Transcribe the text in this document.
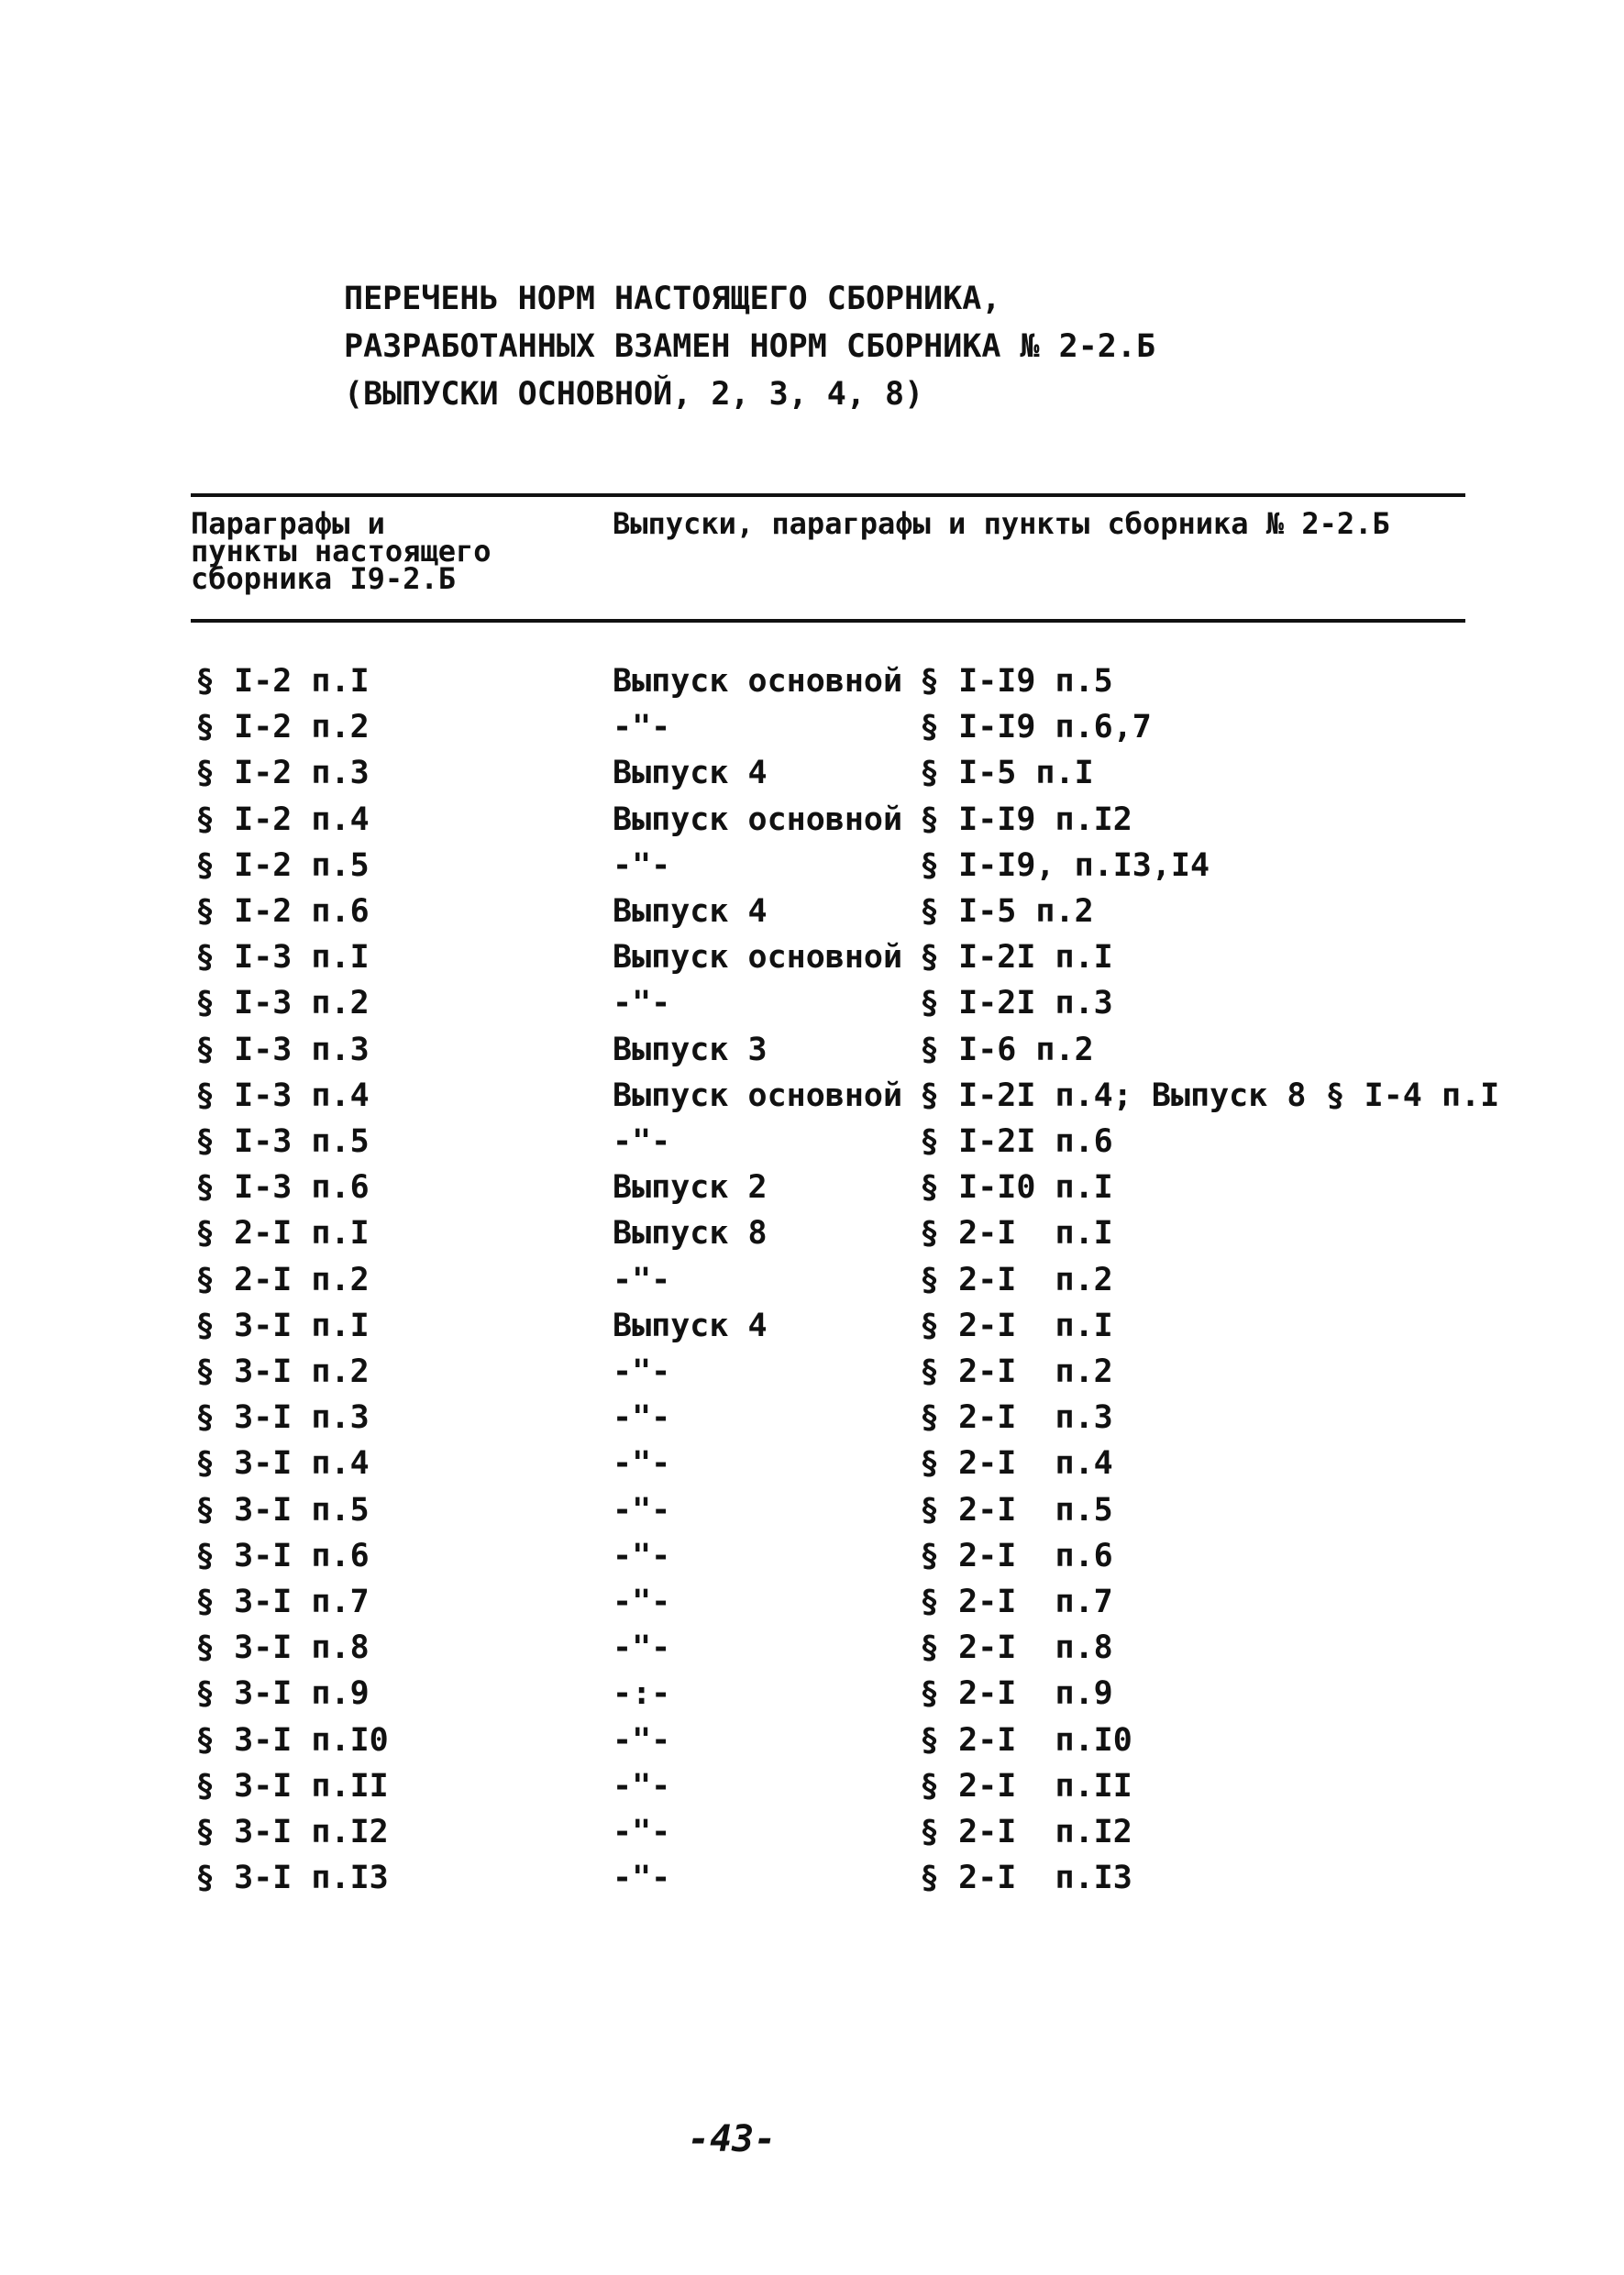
ПЕРЕЧЕНЬ НОРМ НАСТОЯЩЕГО СБОРНИКА,
РАЗРАБОТАННЫХ ВЗАМЕН НОРМ СБОРНИКА № 2-2.Б
(ВЫПУСКИ ОСНОВНОЙ, 2, 3, 4, 8)
Параграфы и
пункты настоящего
сборника I9-2.Б
Выпуски, параграфы и пункты сборника № 2-2.Б
§ I-2 п.I	Выпуск основной § I-I9 п.5
§ I-2 п.2	-"-	§ I-I9 п.6,7
§ I-2 п.3	Выпуск 4	§ I-5 п.I
§ I-2 п.4	Выпуск основной § I-I9 п.I2
§ I-2 п.5	-"-	§ I-I9, п.I3,I4
§ I-2 п.6	Выпуск 4	§ I-5 п.2
§ I-3 п.I	Выпуск основной § I-2I п.I
§ I-3 п.2	-"-	§ I-2I п.3
§ I-3 п.3	Выпуск 3	§ I-6 п.2
§ I-3 п.4	Выпуск основной § I-2I п.4; Выпуск 8 § I-4 п.I
§ I-3 п.5	-"-	§ I-2I п.6
§ I-3 п.6	Выпуск 2	§ I-I0 п.I
§ 2-I п.I	Выпуск 8	§ 2-I  п.I
§ 2-I п.2	-"-	§ 2-I  п.2
§ 3-I п.I	Выпуск 4	§ 2-I  п.I
§ 3-I п.2	-"-	§ 2-I  п.2
§ 3-I п.3	-"-	§ 2-I  п.3
§ 3-I п.4	-"-	§ 2-I  п.4
§ 3-I п.5	-"-	§ 2-I  п.5
§ 3-I п.6	-"-	§ 2-I  п.6
§ 3-I п.7	-"-	§ 2-I  п.7
§ 3-I п.8	-"-	§ 2-I  п.8
§ 3-I п.9	-:-	§ 2-I  п.9
§ 3-I п.I0	-"-	§ 2-I  п.I0
§ 3-I п.II	-"-	§ 2-I  п.II
§ 3-I п.I2	-"-	§ 2-I  п.I2
§ 3-I п.I3	-"-	§ 2-I  п.I3
-43-
